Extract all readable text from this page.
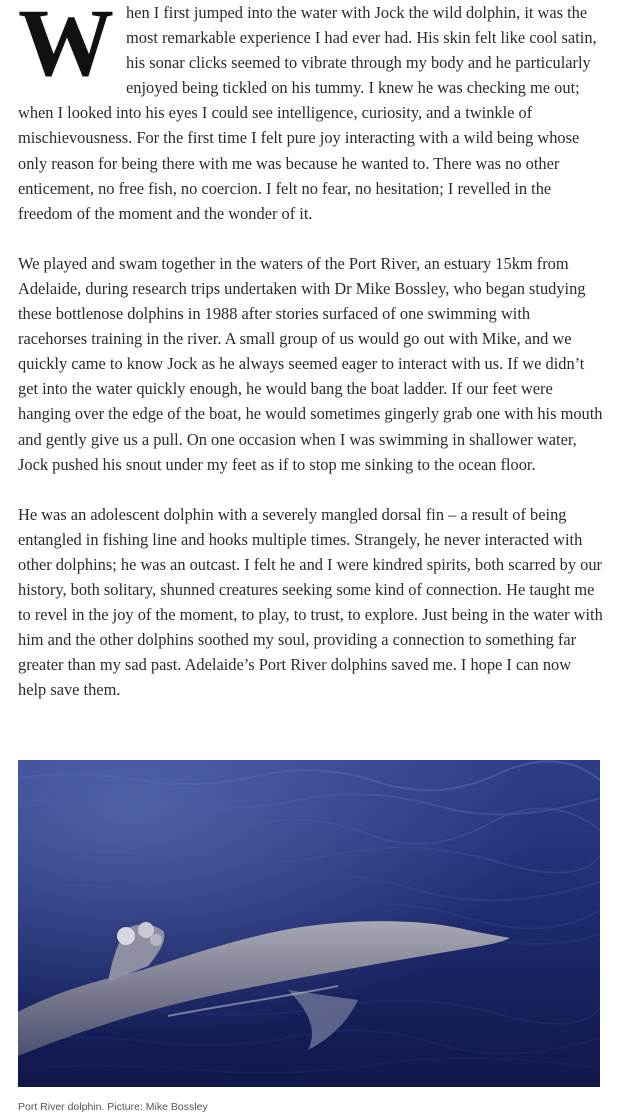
When I first jumped into the water with Jock the wild dolphin, it was the most remarkable experience I had ever had. His skin felt like cool satin, his sonar clicks seemed to vibrate through my body and he particularly enjoyed being tickled on his tummy. I knew he was checking me out; when I looked into his eyes I could see intelligence, curiosity, and a twinkle of mischievousness. For the first time I felt pure joy interacting with a wild being whose only reason for being there with me was because he wanted to. There was no other enticement, no free fish, no coercion. I felt no fear, no hesitation; I revelled in the freedom of the moment and the wonder of it.

We played and swam together in the waters of the Port River, an estuary 15km from Adelaide, during research trips undertaken with Dr Mike Bossley, who began studying these bottlenose dolphins in 1988 after stories surfaced of one swimming with racehorses training in the river. A small group of us would go out with Mike, and we quickly came to know Jock as he always seemed eager to interact with us. If we didn’t get into the water quickly enough, he would bang the boat ladder. If our feet were hanging over the edge of the boat, he would sometimes gingerly grab one with his mouth and gently give us a pull. On one occasion when I was swimming in shallower water, Jock pushed his snout under my feet as if to stop me sinking to the ocean floor.

He was an adolescent dolphin with a severely mangled dorsal fin – a result of being entangled in fishing line and hooks multiple times. Strangely, he never interacted with other dolphins; he was an outcast. I felt he and I were kindred spirits, both scarred by our history, both solitary, shunned creatures seeking some kind of connection. He taught me to revel in the joy of the moment, to play, to trust, to explore. Just being in the water with him and the other dolphins soothed my soul, providing a connection to something far greater than my sad past. Adelaide’s Port River dolphins saved me. I hope I can now help save them.

Port River dolphin. Picture: Mike Bossley
